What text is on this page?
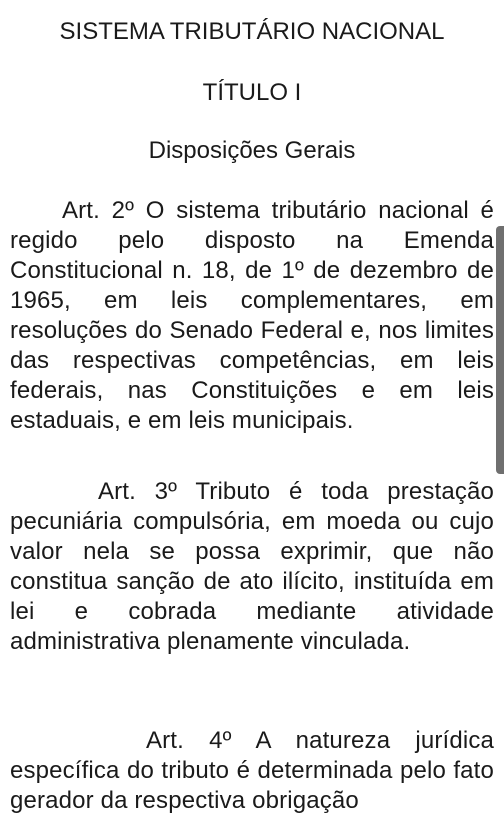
SISTEMA TRIBUTÁRIO NACIONAL
TÍTULO I
Disposições Gerais
Art. 2º O sistema tributário nacional é regido pelo disposto na Emenda Constitucional n. 18, de 1º de dezembro de 1965, em leis complementares, em resoluções do Senado Federal e, nos limites das respectivas competências, em leis federais, nas Constituições e em leis estaduais, e em leis municipais.
Art. 3º Tributo é toda prestação pecuniária compulsória, em moeda ou cujo valor nela se possa exprimir, que não constitua sanção de ato ilícito, instituída em lei e cobrada mediante atividade administrativa plenamente vinculada.
Art. 4º A natureza jurídica específica do tributo é determinada pelo fato gerador da respectiva obrigação
